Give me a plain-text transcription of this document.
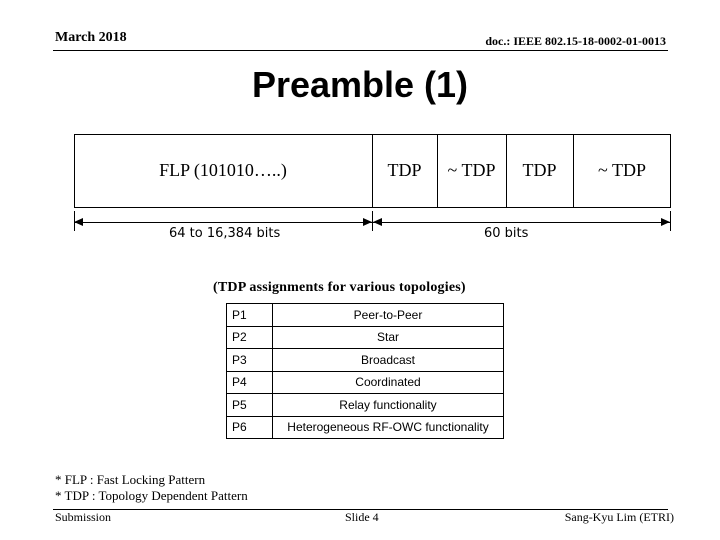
March 2018	doc.: IEEE 802.15-18-0002-01-0013
Preamble (1)
FLP (101010…..)	TDP	~ TDP	TDP	~ TDP
64 to 16,384 bits	60 bits
(TDP assignments for various topologies)
P1	Peer-to-Peer
P2	Star
P3	Broadcast
P4	Coordinated
P5	Relay functionality
P6	Heterogeneous RF-OWC functionality
* FLP : Fast Locking Pattern
* TDP : Topology Dependent Pattern
Submission	Slide 4	Sang-Kyu Lim (ETRI)
